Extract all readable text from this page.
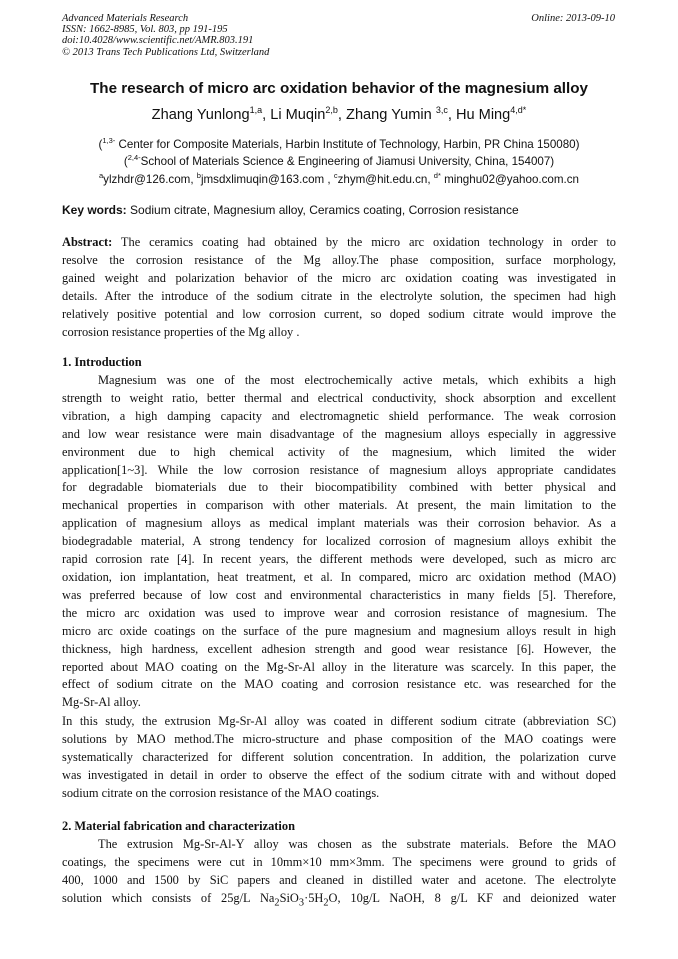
Advanced Materials Research
ISSN: 1662-8985, Vol. 803, pp 191-195
doi:10.4028/www.scientific.net/AMR.803.191
© 2013 Trans Tech Publications Ltd, Switzerland
Online: 2013-09-10
The research of micro arc oxidation behavior of the magnesium alloy
Zhang Yunlong$^{1,a}$, Li Muqin$^{2,b}$, Zhang Yumin $^{3,c}$, Hu Ming$^{4,d*}$
($^{1,3-}$ Center for Composite Materials, Harbin Institute of Technology, Harbin, PR China 150080)
($^{2,4-}$School of Materials Science & Engineering of Jiamusi University, China, 154007)
$^a$ylzhdr@126.com, $^b$jmsdxlimuqin@163.com , $^c$zhym@hit.edu.cn, $^{d*}$ minghu02@yahoo.com.cn
Key words: Sodium citrate, Magnesium alloy, Ceramics coating, Corrosion resistance

Abstract: The ceramics coating had obtained by the micro arc oxidation technology in order to

resolve the corrosion resistance of the Mg alloy.The phase composition, surface morphology,

gained weight and polarization behavior of the micro arc oxidation coating was investigated in

details. After the introduce of the sodium citrate in the electrolyte solution, the specimen had high

relatively positive potential and low corrosion current, so doped sodium citrate would improve the

corrosion resistance properties of the Mg alloy .

1. Introduction

Magnesium was one of the most electrochemically active metals, which exhibits a high

strength to weight ratio, better thermal and electrical conductivity, shock absorption and excellent

vibration, a high damping capacity and electromagnetic shield performance. The weak corrosion

and low wear resistance were main disadvantage of the magnesium alloys especially in aggressive

environment due to high chemical activity of the magnesium, which limited the wider

application[1~3]. While the low corrosion resistance of magnesium alloys appropriate candidates

for degradable biomaterials due to their biocompatibility combined with better physical and

mechanical properties in comparison with other materials. At present, the main limitation to the

application of magnesium alloys as medical implant materials was their corrosion behavior. As a

biodegradable material, A strong tendency for localized corrosion of magnesium alloys exhibit the

rapid corrosion rate [4]. In recent years, the different methods were developed, such as micro arc

oxidation, ion implantation, heat treatment, et al. In compared, micro arc oxidation method (MAO)

was preferred because of low cost and environmental characteristics in many fields [5]. Therefore,

the micro arc oxidation was used to improve wear and corrosion resistance of magnesium. The

micro arc oxide coatings on the surface of the pure magnesium and magnesium alloys result in high

thickness, high hardness, excellent adhesion strength and good wear resistance [6]. However, the

reported about MAO coating on the Mg-Sr-Al alloy in the literature was scarcely. In this paper, the

effect of sodium citrate on the MAO coating and corrosion resistance etc. was researched for the

Mg-Sr-Al alloy.

In this study, the extrusion Mg-Sr-Al alloy was coated in different sodium citrate (abbreviation SC)

solutions by MAO method.The micro-structure and phase composition of the MAO coatings were

systematically characterized for different solution concentration. In addition, the polarization curve

was investigated in detail in order to observe the effect of the sodium citrate with and without doped

sodium citrate on the corrosion resistance of the MAO coatings.

2. Material fabrication and characterization

The extrusion Mg-Sr-Al-Y alloy was chosen as the substrate materials. Before the MAO

coatings, the specimens were cut in 10mm×10 mm×3mm. The specimens were ground to grids of

400, 1000 and 1500 by SiC papers and cleaned in distilled water and acetone. The electrolyte

solution which consists of 25g/L $Na_2SiO_3\cdot 5H_2O$, 10g/L NaOH, 8 g/L KF and deionized water
